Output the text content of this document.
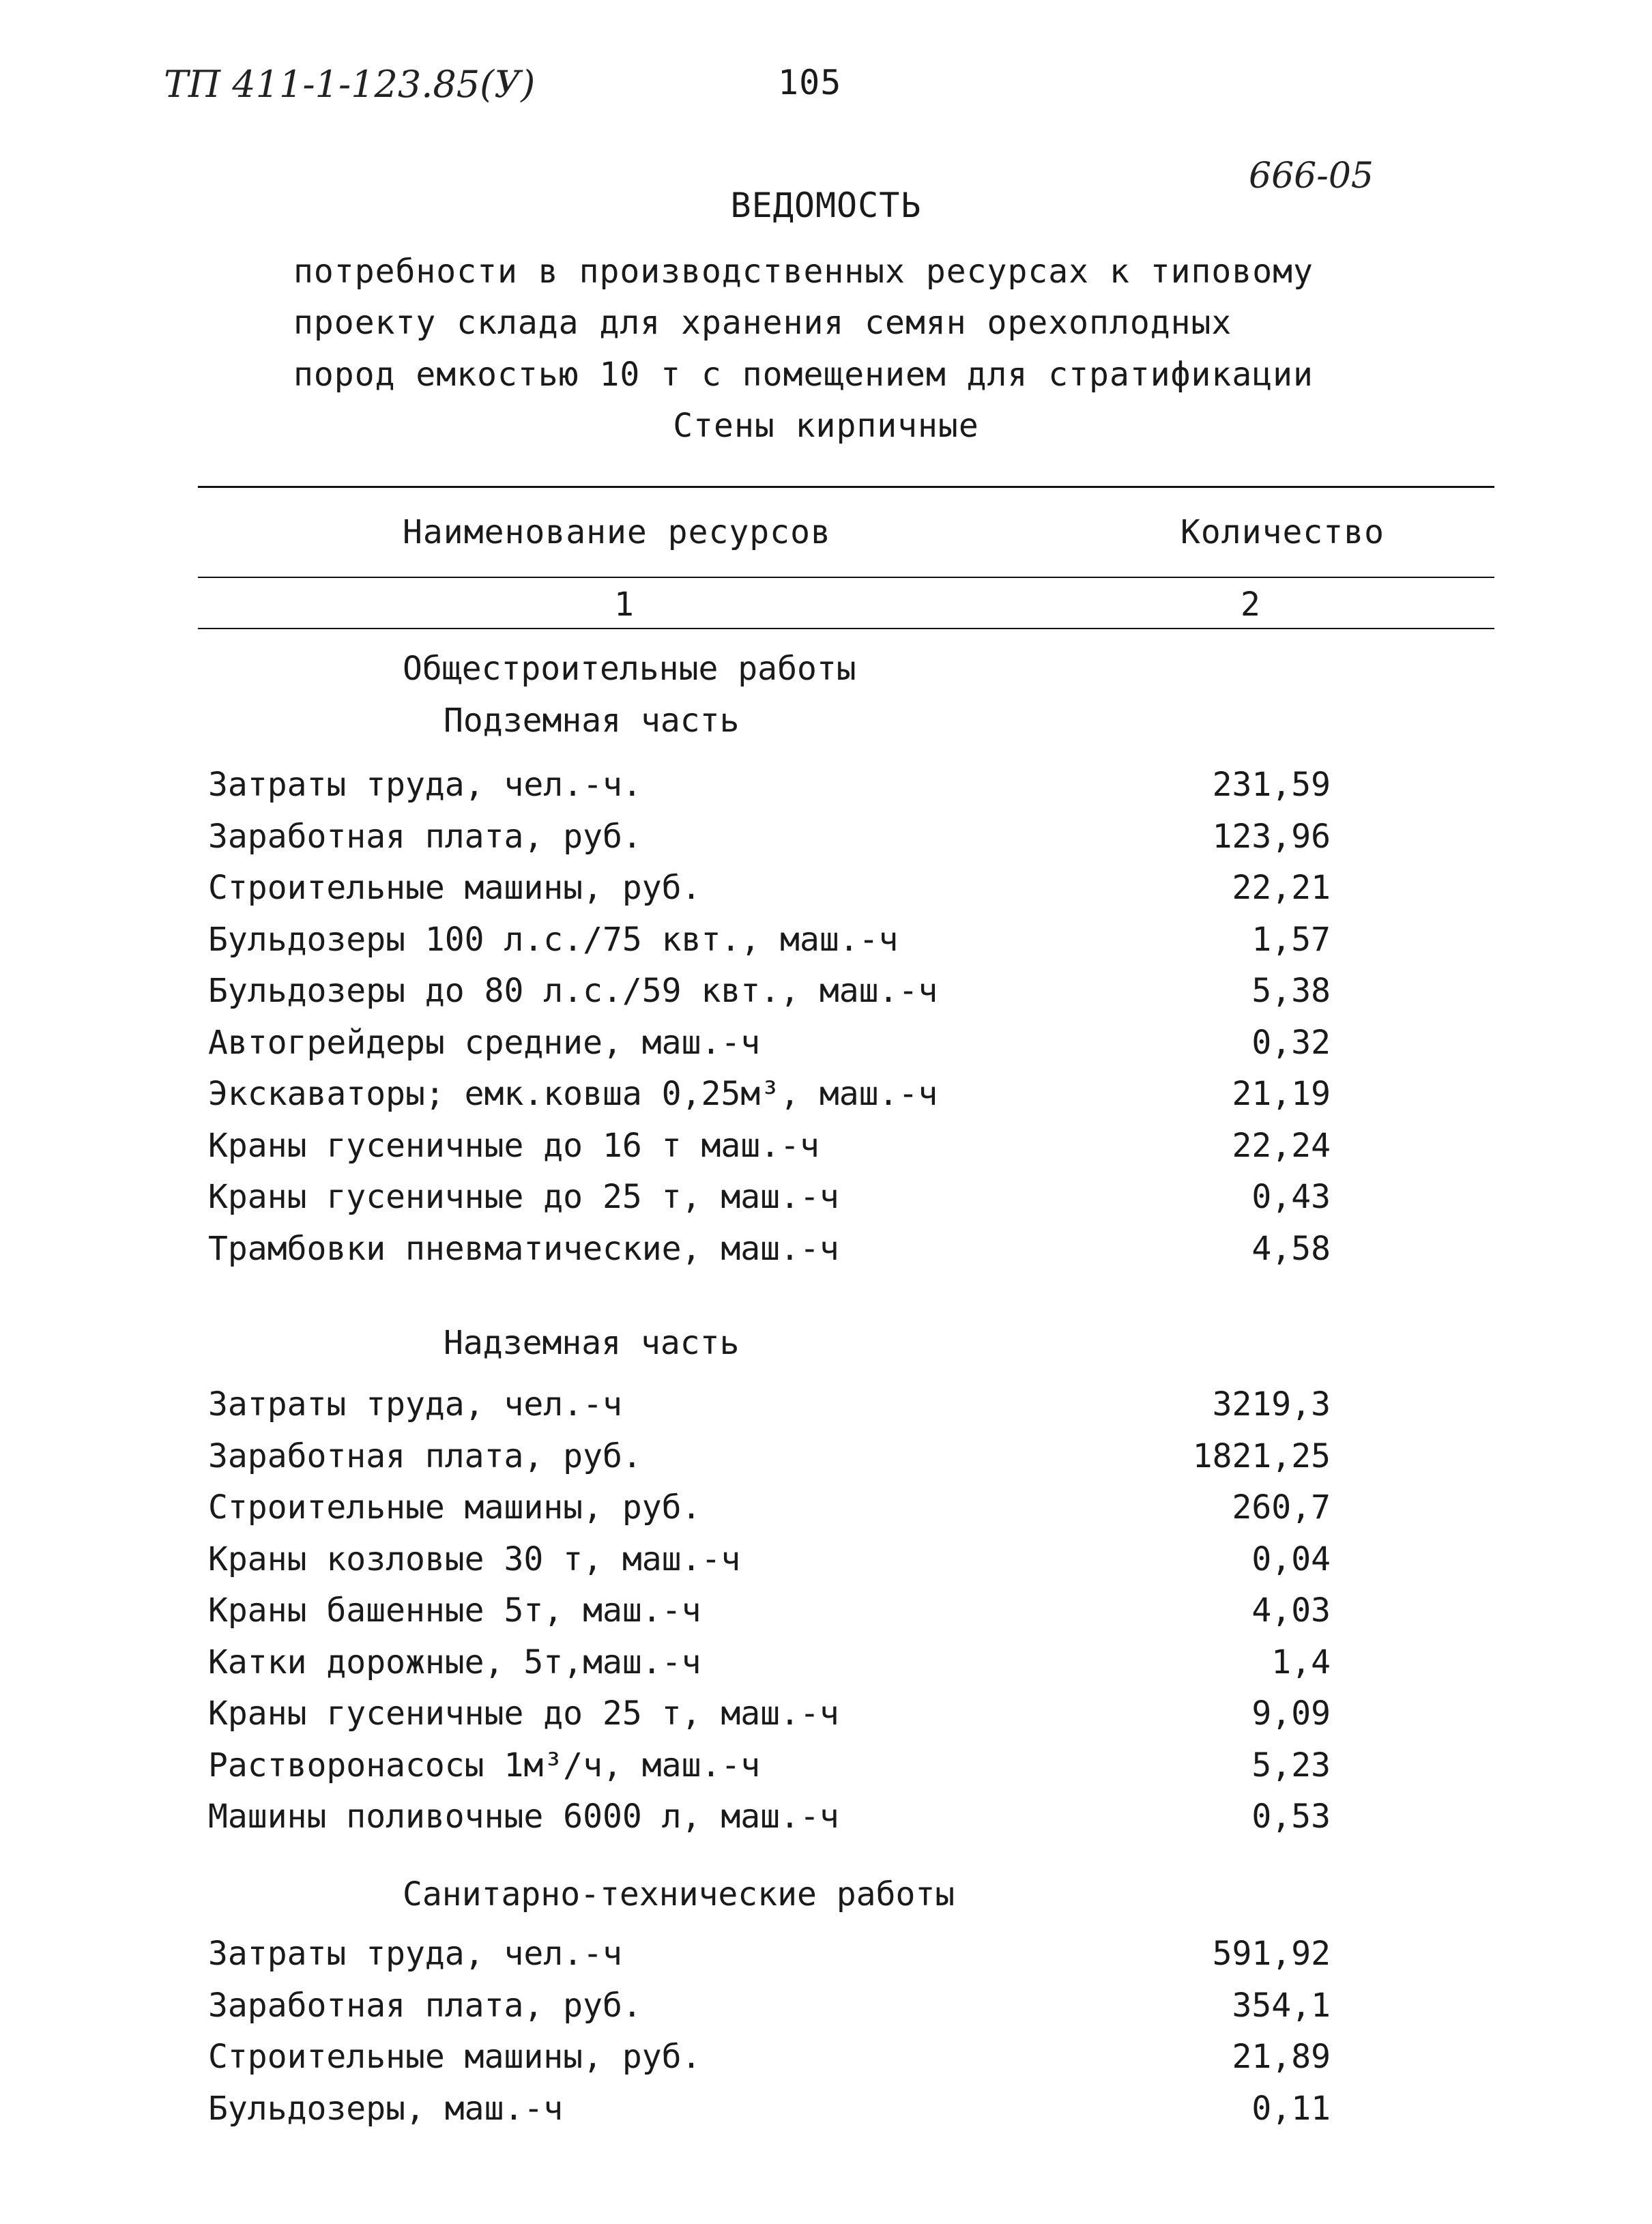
ТП 411-1-123.85(У)	105
666-05
ВЕДОМОСТЬ
потребности в производственных ресурсах к типовому
проекту склада для хранения семян орехоплодных
пород емкостью 10 т с помещением для стратификации
Стены кирпичные
Наименование ресурсов	Количество
1	2
Общестроительные работы
Подземная часть
Затраты труда, чел.-ч.	231,59
Заработная плата, руб.	123,96
Строительные машины, руб.	22,21
Бульдозеры 100 л.с./75 квт., маш.-ч	1,57
Бульдозеры до 80 л.с./59 квт., маш.-ч	5,38
Автогрейдеры средние, маш.-ч	0,32
Экскаваторы; емк.ковша 0,25м³, маш.-ч	21,19
Краны гусеничные до 16 т маш.-ч	22,24
Краны гусеничные до 25 т, маш.-ч	0,43
Трамбовки пневматические, маш.-ч	4,58
Надземная часть
Затраты труда, чел.-ч	3219,3
Заработная плата, руб.	1821,25
Строительные машины, руб.	260,7
Краны козловые 30 т, маш.-ч	0,04
Краны башенные 5т, маш.-ч	4,03
Катки дорожные, 5т,маш.-ч	1,4
Краны гусеничные до 25 т, маш.-ч	9,09
Растворонасосы 1м³/ч, маш.-ч	5,23
Машины поливочные 6000 л, маш.-ч	0,53
Санитарно-технические работы
Затраты труда, чел.-ч	591,92
Заработная плата, руб.	354,1
Строительные машины, руб.	21,89
Бульдозеры, маш.-ч	0,11
